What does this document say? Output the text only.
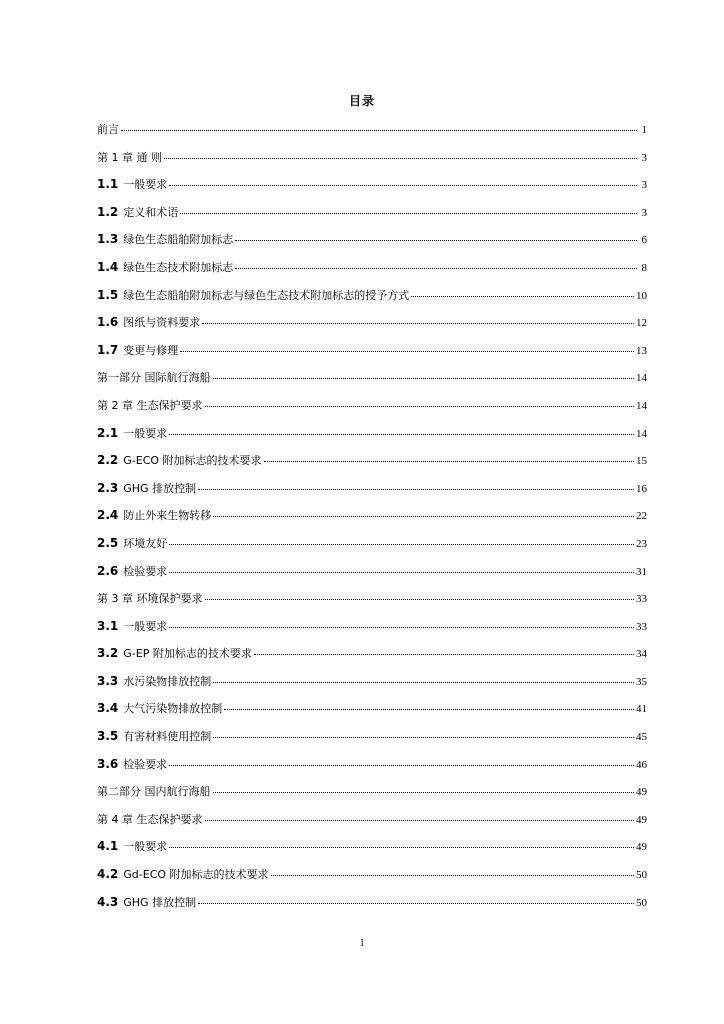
目录
前言	1
第 1 章 通 则	3
1.1 一般要求	3
1.2 定义和术语	3
1.3 绿色生态船舶附加标志	6
1.4 绿色生态技术附加标志	8
1.5 绿色生态船舶附加标志与绿色生态技术附加标志的授予方式	10
1.6 图纸与资料要求	12
1.7 变更与修理	13
第一部分 国际航行海船	14
第 2 章 生态保护要求	14
2.1 一般要求	14
2.2 G-ECO 附加标志的技术要求	15
2.3 GHG 排放控制	16
2.4 防止外来生物转移	22
2.5 环境友好	23
2.6 检验要求	31
第 3 章 环境保护要求	33
3.1 一般要求	33
3.2 G-EP 附加标志的技术要求	34
3.3 水污染物排放控制	35
3.4 大气污染物排放控制	41
3.5 有害材料使用控制	45
3.6 检验要求	46
第二部分 国内航行海船	49
第 4 章 生态保护要求	49
4.1 一般要求	49
4.2 Gd-ECO 附加标志的技术要求	50
4.3 GHG 排放控制	50
1
